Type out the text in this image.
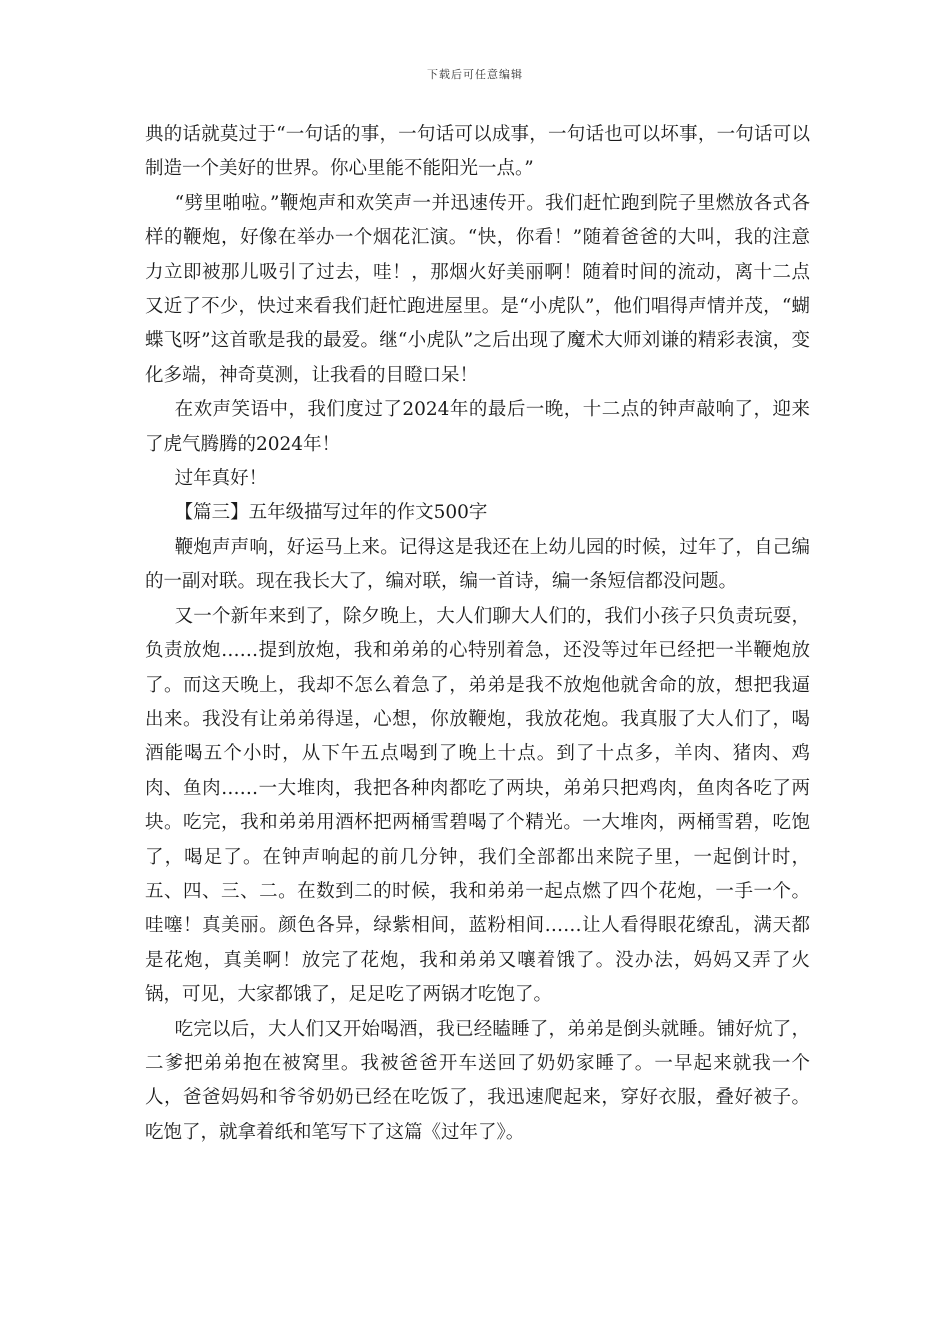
下载后可任意编辑

典的话就莫过于“一句话的事，一句话可以成事，一句话也可以坏事，一句话可以制造一个美好的世界。你心里能不能阳光一点。”

“劈里啪啦。”鞭炮声和欢笑声一并迅速传开。我们赶忙跑到院子里燃放各式各样的鞭炮，好像在举办一个烟花汇演。“快，你看！”随着爸爸的大叫，我的注意力立即被那儿吸引了过去，哇！，那烟火好美丽啊！随着时间的流动，离十二点又近了不少，快过来看我们赶忙跑进屋里。是“小虎队”，他们唱得声情并茂，“蝴蝶飞呀”这首歌是我的最爱。继“小虎队”之后出现了魔术大师刘谦的精彩表演，变化多端，神奇莫测，让我看的目瞪口呆！

在欢声笑语中，我们度过了2024年的最后一晚，十二点的钟声敲响了，迎来了虎气腾腾的2024年！

过年真好！

【篇三】五年级描写过年的作文500字

鞭炮声声响，好运马上来。记得这是我还在上幼儿园的时候，过年了，自己编的一副对联。现在我长大了，编对联，编一首诗，编一条短信都没问题。

又一个新年来到了，除夕晚上，大人们聊大人们的，我们小孩子只负责玩耍，负责放炮……提到放炮，我和弟弟的心特别着急，还没等过年已经把一半鞭炮放了。而这天晚上，我却不怎么着急了，弟弟是我不放炮他就舍命的放，想把我逼出来。我没有让弟弟得逞，心想，你放鞭炮，我放花炮。我真服了大人们了，喝酒能喝五个小时，从下午五点喝到了晚上十点。到了十点多，羊肉、猪肉、鸡肉、鱼肉……一大堆肉，我把各种肉都吃了两块，弟弟只把鸡肉，鱼肉各吃了两块。吃完，我和弟弟用酒杯把两桶雪碧喝了个精光。一大堆肉，两桶雪碧，吃饱了，喝足了。在钟声响起的前几分钟，我们全部都出来院子里，一起倒计时，五、四、三、二。在数到二的时候，我和弟弟一起点燃了四个花炮，一手一个。哇噻！真美丽。颜色各异，绿紫相间，蓝粉相间……让人看得眼花缭乱，满天都是花炮，真美啊！放完了花炮，我和弟弟又嚷着饿了。没办法，妈妈又弄了火锅，可见，大家都饿了，足足吃了两锅才吃饱了。

吃完以后，大人们又开始喝酒，我已经瞌睡了，弟弟是倒头就睡。铺好炕了，二爹把弟弟抱在被窝里。我被爸爸开车送回了奶奶家睡了。一早起来就我一个人，爸爸妈妈和爷爷奶奶已经在吃饭了，我迅速爬起来，穿好衣服，叠好被子。吃饱了，就拿着纸和笔写下了这篇《过年了》。
